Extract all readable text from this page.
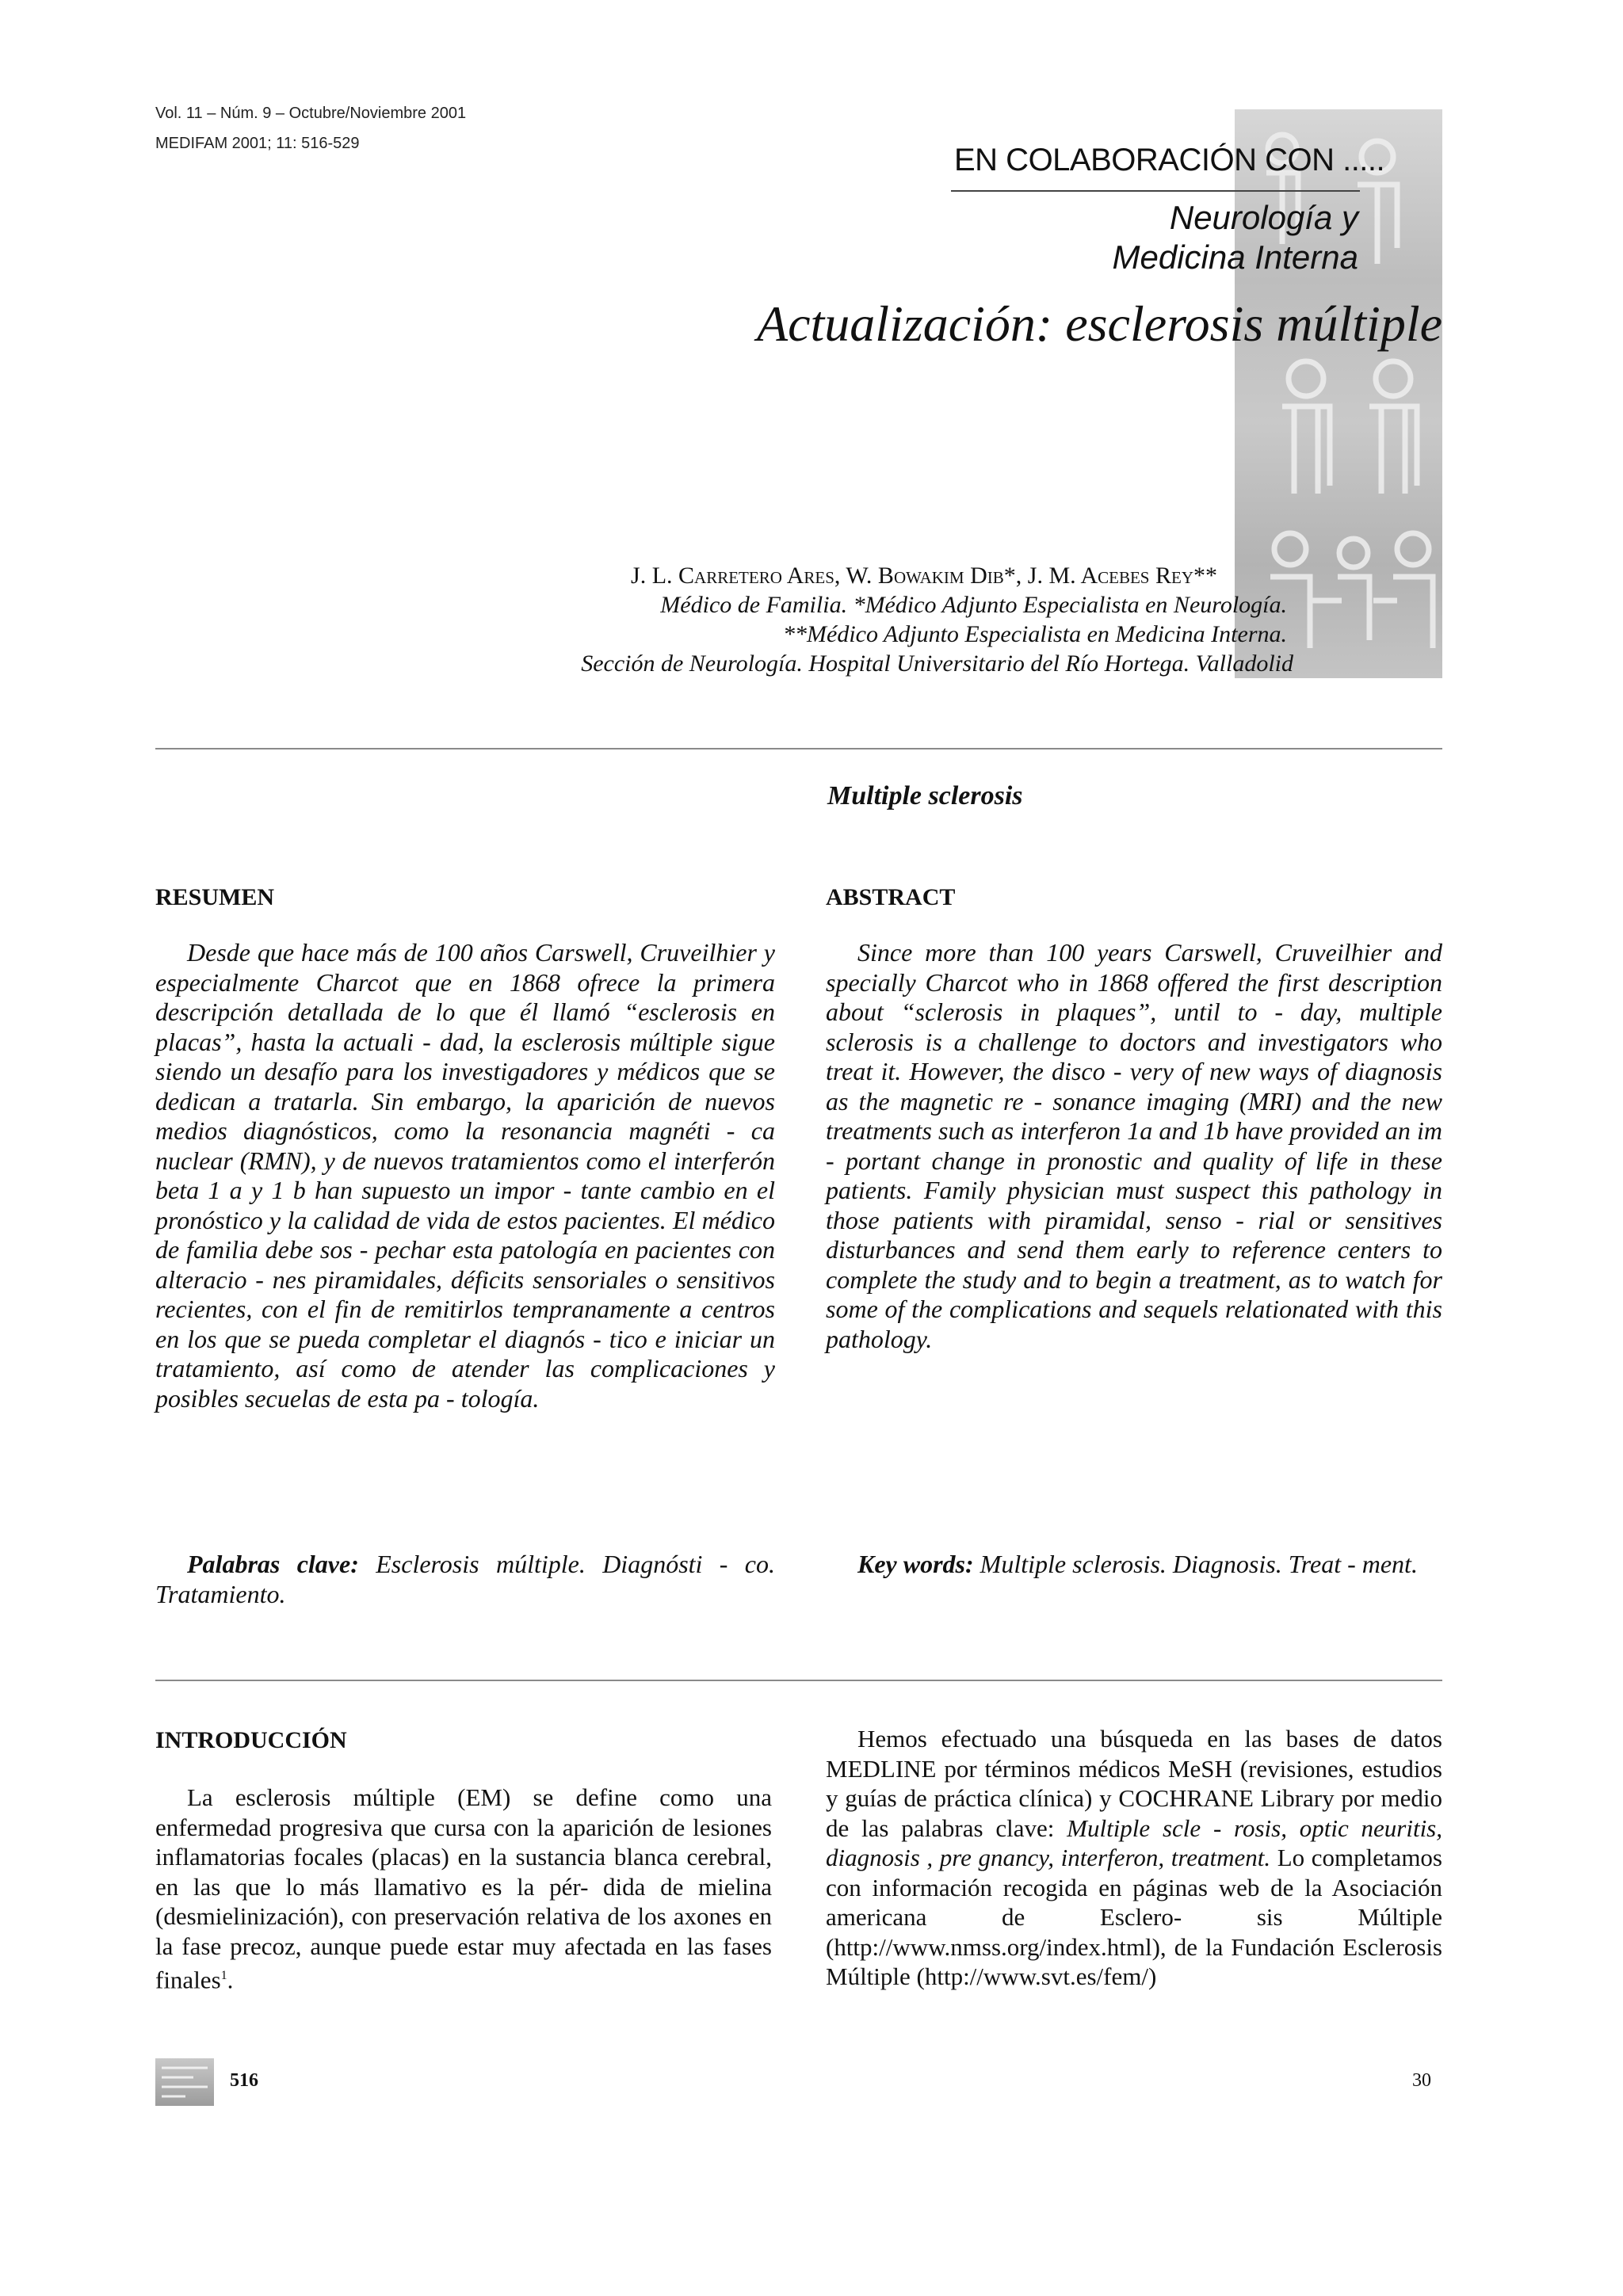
Vol. 11 – Núm. 9 – Octubre/Noviembre 2001
MEDIFAM 2001; 11: 516-529	EN COLABORACIÓN CON .....
Neurología y
Medicina Interna
Actualización: esclerosis múltiple
J. L. Carretero Ares, W. Bowakim Dib*, J. M. Acebes Rey**
Médico de Familia. *Médico Adjunto Especialista en Neurología.
**Médico Adjunto Especialista en Medicina Interna.
Sección de Neurología. Hospital Universitario del Río Hortega. Valladolid
Multiple sclerosis
RESUMEN
Desde que hace más de 100 años Carswell, Cruveilhier y especialmente Charcot que en 1868 ofrece la primera descripción detallada de lo que él llamó “esclerosis en placas”, hasta la actuali - dad, la esclerosis múltiple sigue siendo un desafío para los investigadores y médicos que se dedican a tratarla. Sin embargo, la aparición de nuevos medios diagnósticos, como la resonancia magnéti - ca nuclear (RMN), y de nuevos tratamientos como el interferón beta 1 a y 1 b han supuesto un impor - tante cambio en el pronóstico y la calidad de vida de estos pacientes. El médico de familia debe sos - pechar esta patología en pacientes con alteracio - nes piramidales, déficits sensoriales o sensitivos recientes, con el fin de remitirlos tempranamente a centros en los que se pueda completar el diagnós - tico e iniciar un tratamiento, así como de atender las complicaciones y posibles secuelas de esta pa - tología.
Palabras clave: Esclerosis múltiple. Diagnósti - co. Tratamiento.
ABSTRACT
Since more than 100 years Carswell, Cruveilhier and specially Charcot who in 1868 offered the first description about “sclerosis in plaques”, until to - day, multiple sclerosis is a challenge to doctors and investigators who treat it. However, the disco - very of new ways of diagnosis as the magnetic re - sonance imaging (MRI) and the new treatments such as interferon 1a and 1b have provided an im - portant change in pronostic and quality of life in these patients. Family physician must suspect this pathology in those patients with piramidal, senso - rial or sensitives disturbances and send them early to reference centers to complete the study and to begin a treatment, as to watch for some of the complications and sequels relationated with this pathology.
Key words: Multiple sclerosis. Diagnosis. Treat - ment.
INTRODUCCIÓN
La esclerosis múltiple (EM) se define como una enfermedad progresiva que cursa con la aparición de lesiones inflamatorias focales (placas) en la sustancia blanca cerebral, en las que lo más llamativo es la pér- dida de mielina (desmielinización), con preservación relativa de los axones en la fase precoz, aunque puede estar muy afectada en las fases finales$^1$.
Hemos efectuado una búsqueda en las bases de datos MEDLINE por términos médicos MeSH (revisiones, estudios y guías de práctica clínica) y COCHRANE Library por medio de las palabras clave: Multiple scle - rosis, optic neuritis, diagnosis , pre gnancy, interferon, treatment. Lo completamos con información recogida en páginas web de la Asociación americana de Esclero- sis Múltiple (http://www.nmss.org/index.html), de la Fundación Esclerosis Múltiple (http://www.svt.es/fem/)
516	30
